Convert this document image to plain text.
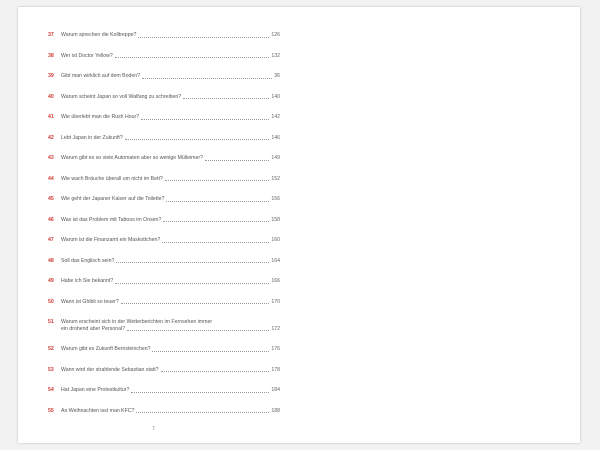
37	Warum sprechen die Kolltreppe?	126
38	Wer ist Doctor Yellow?	132
39	Gibt man wirklich auf dem Boden?	36
40	Warum scheint Japan so voll Walfang zu schreiben?	140
41	Wie überlebt man die Rush Hour?	142
42	Lebt Japan in der Zukunft?	146
43	Warum gibt es so viele Automaten aber so wenige Mülleimer?	149
44	Wie wach Bräuche überall um nicht im Bett?	152
45	Wie geht der Japaner Kaiser auf die Toilette?	156
46	Was ist das Problem mit Tattoos im Onsen?	158
47	Warum ist die Finanzamt ein Maskottchen?	160
48	Soll das Englisch sein?	164
49	Habe ich Sie bekannt?	166
50	Wann ist Ghibli so teuer?	170
51	Warum erscheint sich in der Wetterberichten im Fernsehen immer
ein drohend aber Personal?	172
52	Warum gibt es Zukunft Bernsteinchen?	176
53	Wann wird der strahlende Sebastian statt?	178
54	Hat Japan eine Protestkultur?	184
55	An Weihnachten isst man KFC?	188
7
